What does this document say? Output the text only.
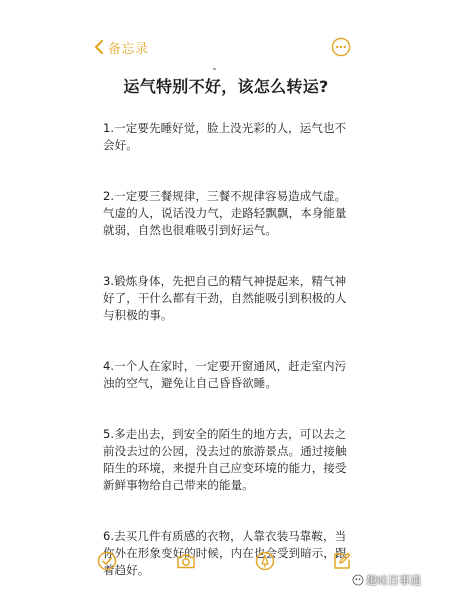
备忘录
运气特别不好，该怎么转运?

1.一定要先睡好觉，脸上没光彩的人，运气也不会好。

2.一定要三餐规律，三餐不规律容易造成气虚。气虚的人，说话没力气，走路轻飘飘，本身能量就弱，自然也很难吸引到好运气。

3.锻炼身体，先把自己的精气神提起来，精气神好了，干什么都有干劲，自然能吸引到积极的人与积极的事。

4.一个人在家时，一定要开窗通风，赶走室内污浊的空气，避免让自己昏昏欲睡。

5.多走出去，到安全的陌生的地方去，可以去之前没去过的公园，没去过的旅游景点。通过接触陌生的环境，来提升自己应变环境的能力，接受新鲜事物给自己带来的能量。

6.去买几件有质感的衣物，人靠衣装马靠鞍，当你外在形象变好的时候，内在也会受到暗示，跟着趋好。

趣味百事通
